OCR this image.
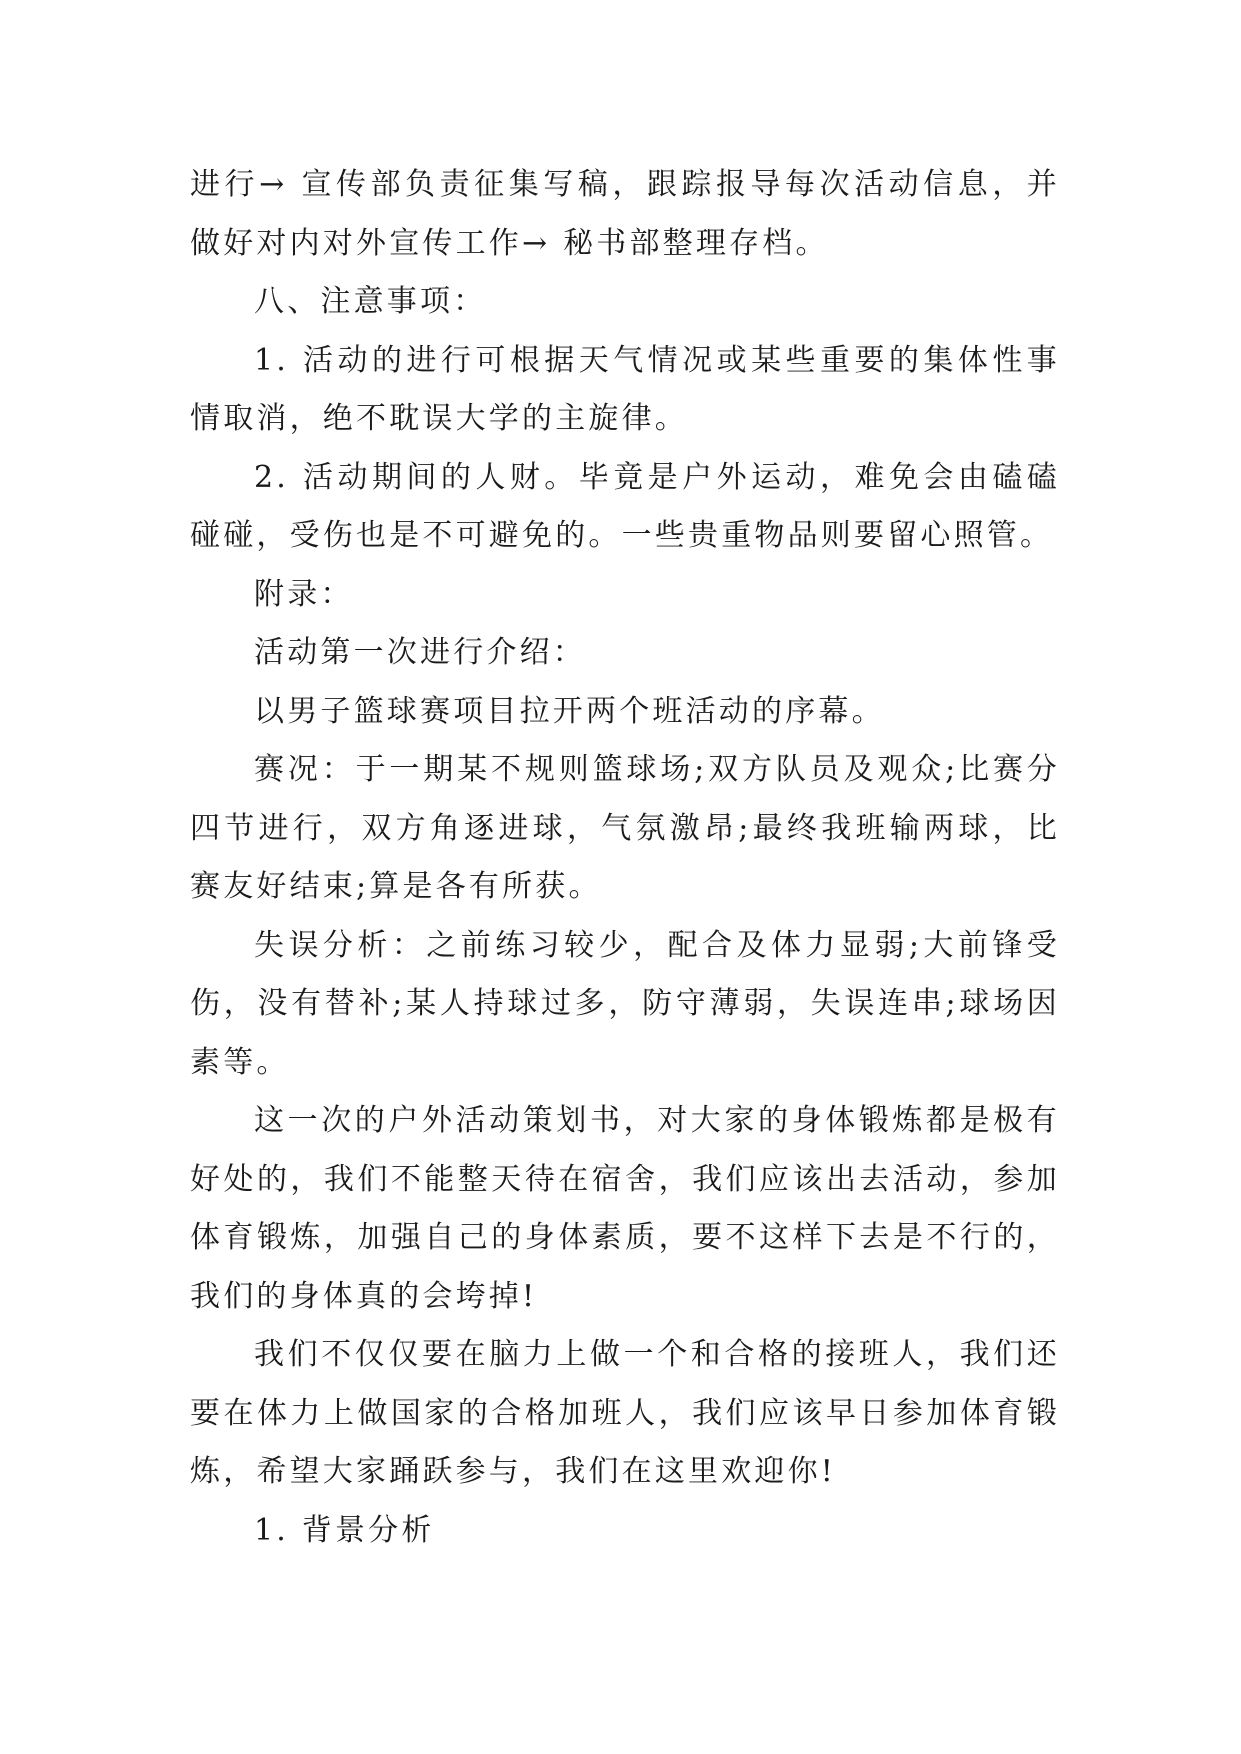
进行→ 宣传部负责征集写稿，跟踪报导每次活动信息，并做好对内对外宣传工作→ 秘书部整理存档。

八、注意事项：

1. 活动的进行可根据天气情况或某些重要的集体性事情取消，绝不耽误大学的主旋律。

2. 活动期间的人财。毕竟是户外运动，难免会由磕磕碰碰，受伤也是不可避免的。一些贵重物品则要留心照管。

附录：

活动第一次进行介绍：

以男子篮球赛项目拉开两个班活动的序幕。

赛况：于一期某不规则篮球场;双方队员及观众;比赛分四节进行，双方角逐进球，气氛激昂;最终我班输两球，比赛友好结束;算是各有所获。

失误分析：之前练习较少，配合及体力显弱;大前锋受伤，没有替补;某人持球过多，防守薄弱，失误连串;球场因素等。

这一次的户外活动策划书，对大家的身体锻炼都是极有好处的，我们不能整天待在宿舍，我们应该出去活动，参加体育锻炼，加强自己的身体素质，要不这样下去是不行的，我们的身体真的会垮掉!

我们不仅仅要在脑力上做一个和合格的接班人，我们还要在体力上做国家的合格加班人，我们应该早日参加体育锻炼，希望大家踊跃参与，我们在这里欢迎你!

1. 背景分析
